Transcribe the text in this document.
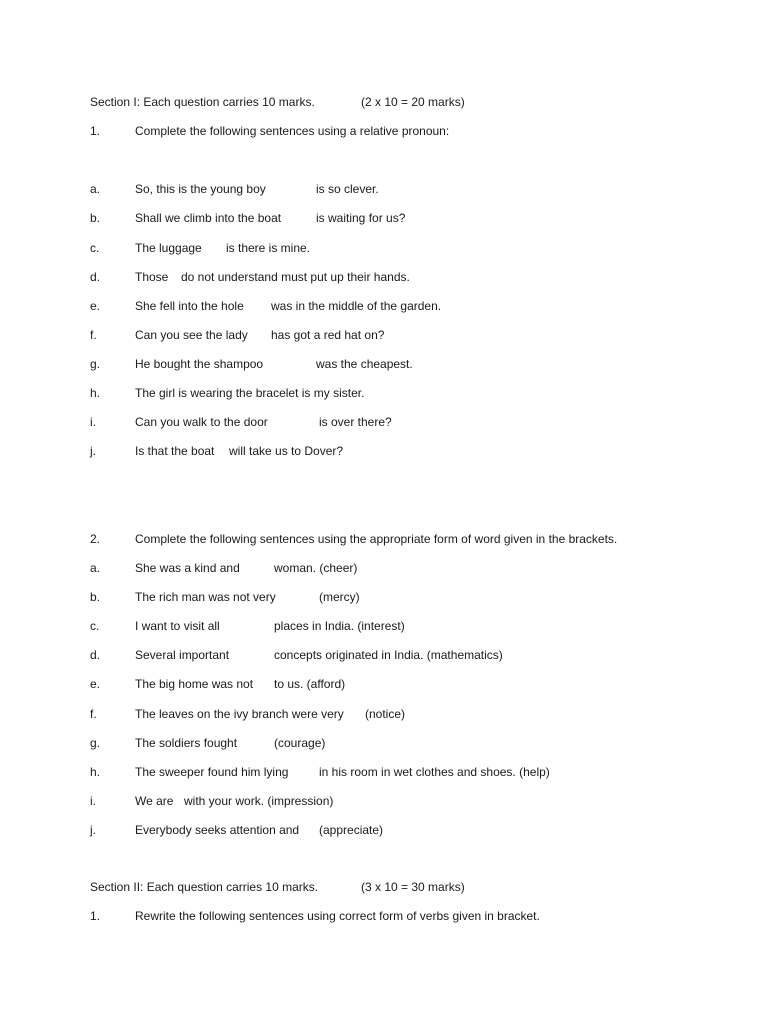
Section I: Each question carries 10 marks.	(2 x 10 = 20 marks)
1.	Complete the following sentences using a relative pronoun:
a.	So, this is the young boy	is so clever.
b.	Shall we climb into the boat	is waiting for us?
c.	The luggage is there is mine.
d.	Those do not understand must put up their hands.
e.	She fell into the hole was in the middle of the garden.
f.	Can you see the lady has got a red hat on?
g.	He bought the shampoo	was the cheapest.
h.	The girl is wearing the bracelet is my sister.
i.	Can you walk to the door	is over there?
j.	Is that the boat will take us to Dover?
2.	Complete the following sentences using the appropriate form of word given in the brackets.
a.	She was a kind and	woman. (cheer)
b.	The rich man was not very	(mercy)
c.	I want to visit all	places in India. (interest)
d.	Several important	concepts originated in India. (mathematics)
e.	The big home was not to us. (afford)
f.	The leaves on the ivy branch were very (notice)
g.	The soldiers fought	(courage)
h.	The sweeper found him lying	in his room in wet clothes and shoes. (help)
i.	We are with your work. (impression)
j.	Everybody seeks attention and (appreciate)
Section II: Each question carries 10 marks.	(3 x 10 = 30 marks)
1.	Rewrite the following sentences using correct form of verbs given in bracket.
